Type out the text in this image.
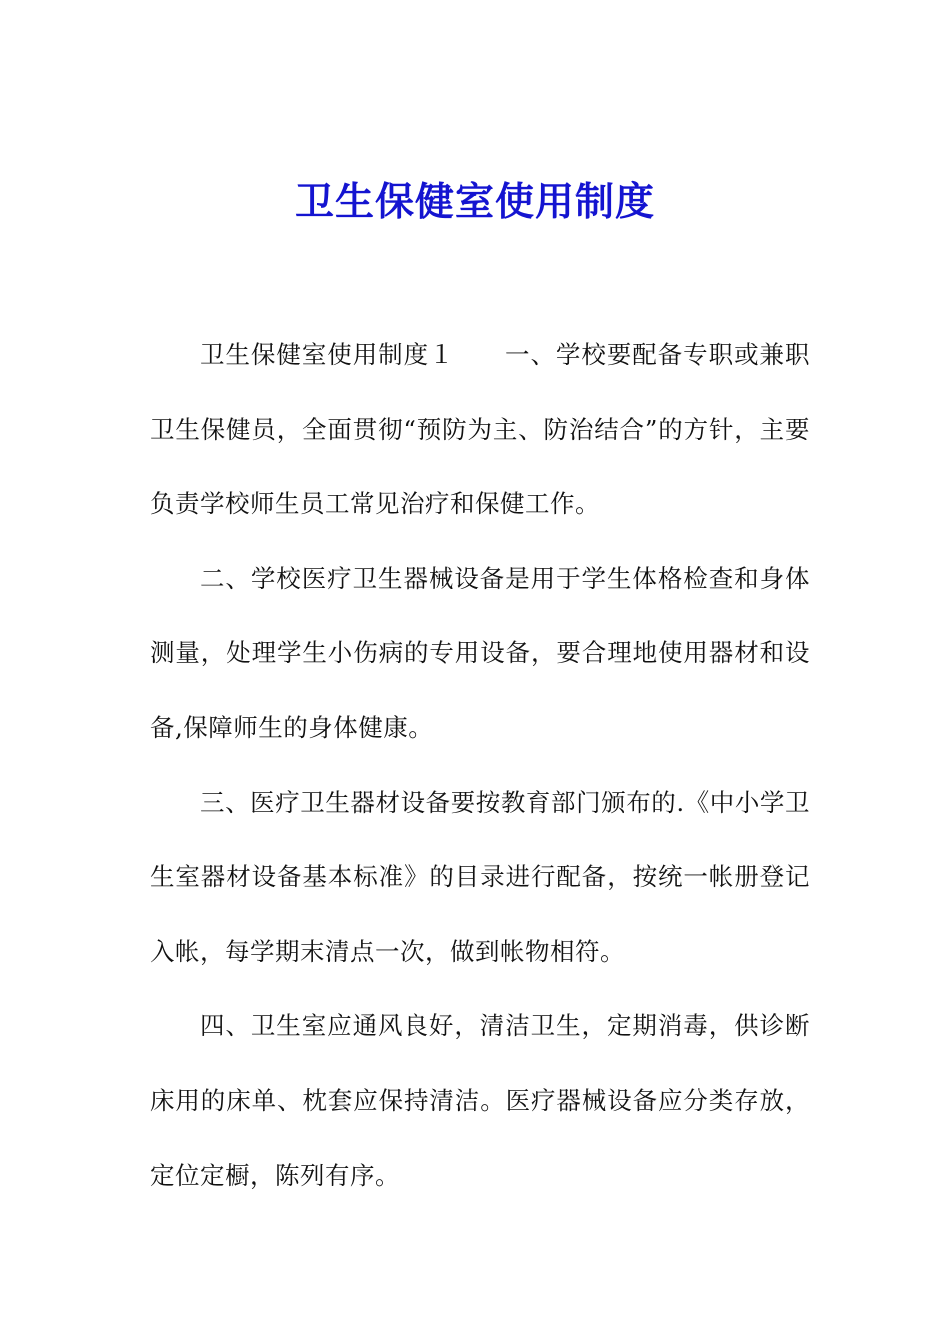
卫生保健室使用制度

卫生保健室使用制度１ 一、学校要配备专职或兼职卫生保健员，全面贯彻“预防为主、防治结合”的方针，主要负责学校师生员工常见治疗和保健工作。

二、学校医疗卫生器械设备是用于学生体格检查和身体测量，处理学生小伤病的专用设备，要合理地使用器材和设备,保障师生的身体健康。

三、医疗卫生器材设备要按教育部门颁布的.《中小学卫生室器材设备基本标准》的目录进行配备，按统一帐册登记入帐，每学期末清点一次，做到帐物相符。

四、卫生室应通风良好，清洁卫生，定期消毒，供诊断床用的床单、枕套应保持清洁。医疗器械设备应分类存放，定位定橱，陈列有序。
